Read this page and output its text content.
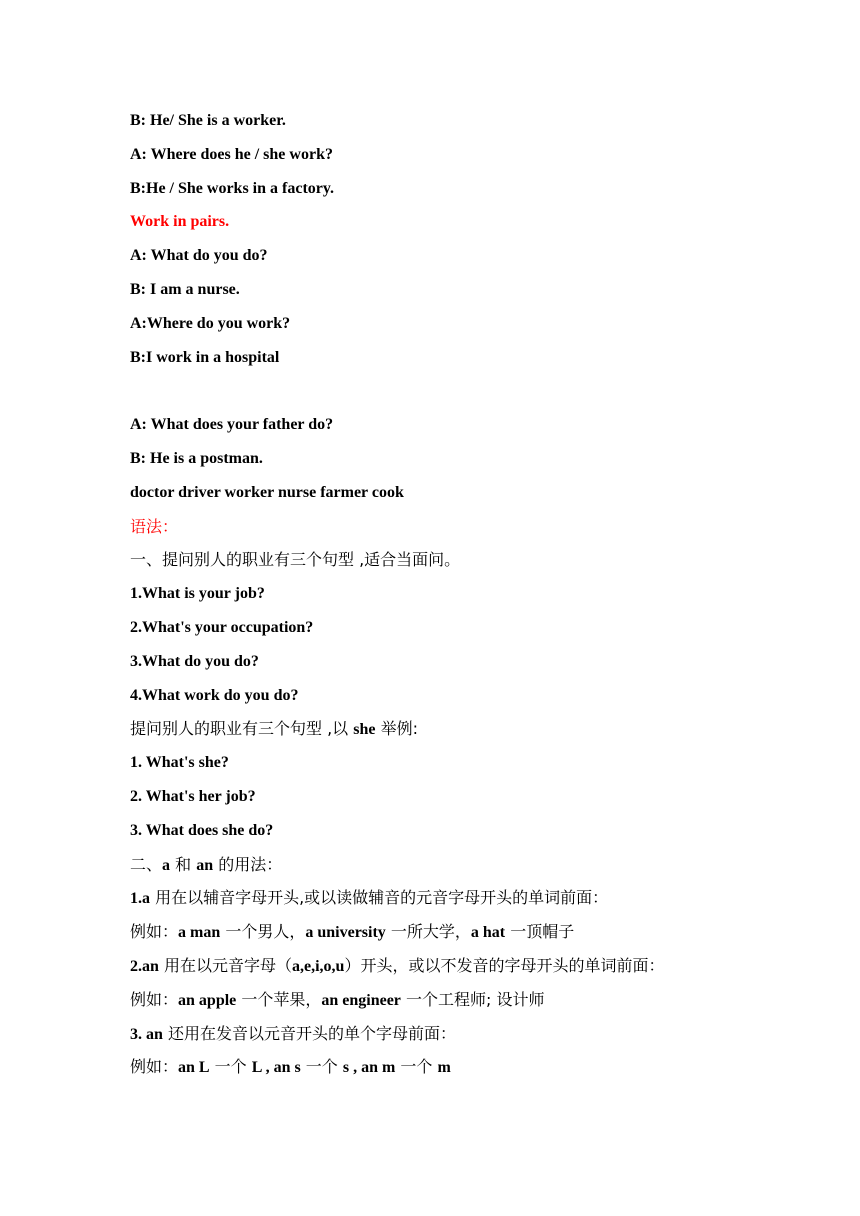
B: He/ She is a worker.
A: Where does he / she work?
B:He / She works in a factory.
Work in pairs.
A: What do you do?
B: I am a nurse.
A:Where do you work?
B:I work in a hospital
A: What does your father do?
B: He is a postman.
doctor driver worker nurse farmer cook
语法：
一、提问别人的职业有三个句型 ,适合当面问。
1.What is your job?
2.What's your occupation?
3.What do you do?
4.What work do you do?
提问别人的职业有三个句型 ,以 she 举例:
1. What's she?
2. What's her job?
3. What does she do?
二、a 和 an 的用法：
1.a 用在以辅音字母开头,或以读做辅音的元音字母开头的单词前面：
例如：a man 一个男人，a university 一所大学，a hat 一顶帽子
2.an 用在以元音字母（a,e,i,o,u）开头，或以不发音的字母开头的单词前面：
例如：an apple 一个苹果，an engineer 一个工程师; 设计师
3. an 还用在发音以元音开头的单个字母前面：
例如：an L 一个 L , an s 一个 s , an m 一个 m
